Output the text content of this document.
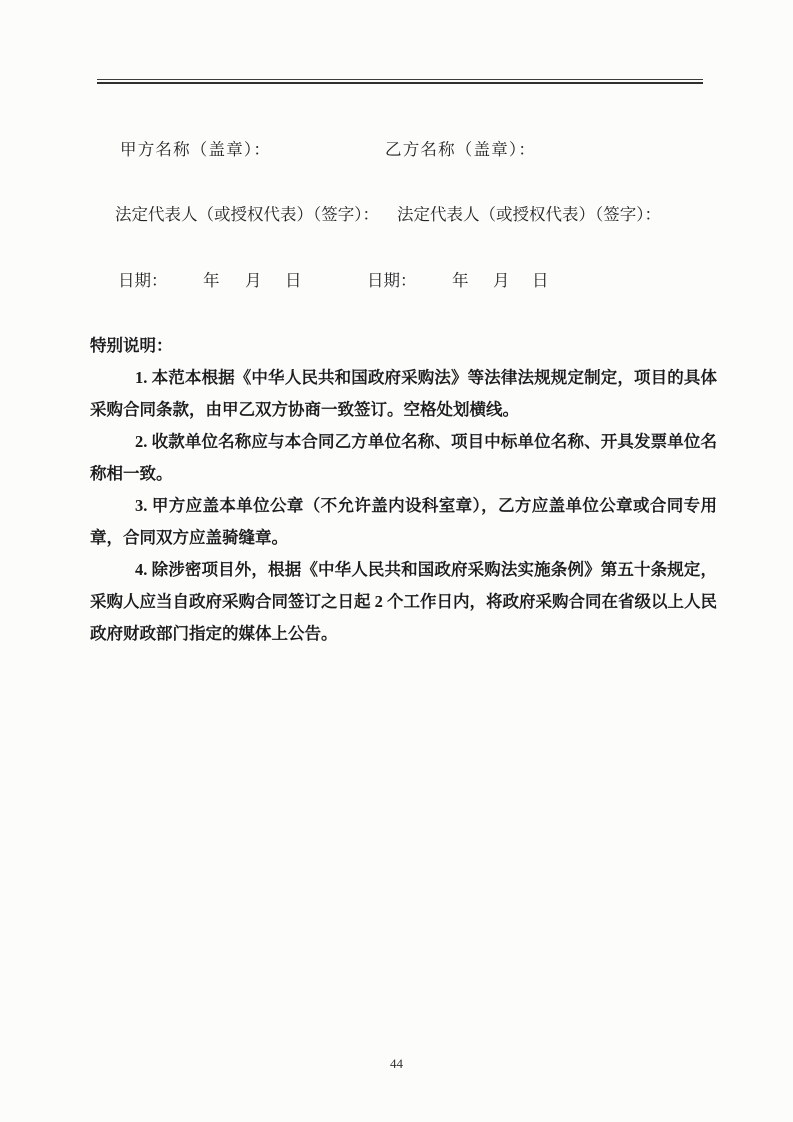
甲方名称（盖章）：	乙方名称（盖章）：
法定代表人（或授权代表）（签字）： 法定代表人（或授权代表）（签字）：
日期： 年 月 日	日期： 年 月 日
特别说明：

1. 本范本根据《中华人民共和国政府采购法》等法律法规规定制定，项目的具体采购合同条款，由甲乙双方协商一致签订。空格处划横线。

2. 收款单位名称应与本合同乙方单位名称、项目中标单位名称、开具发票单位名称相一致。

3. 甲方应盖本单位公章（不允许盖内设科室章），乙方应盖单位公章或合同专用章，合同双方应盖骑缝章。

4. 除涉密项目外，根据《中华人民共和国政府采购法实施条例》第五十条规定，采购人应当自政府采购合同签订之日起 2 个工作日内，将政府采购合同在省级以上人民政府财政部门指定的媒体上公告。

44
